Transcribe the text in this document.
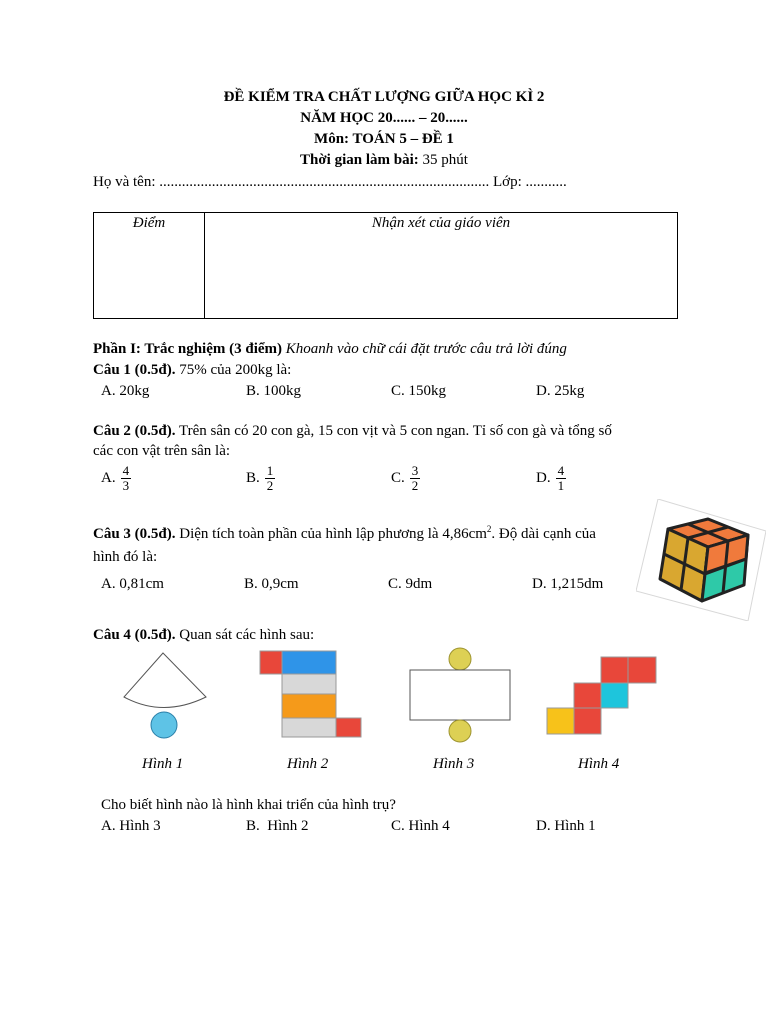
ĐỀ KIỂM TRA CHẤT LƯỢNG GIỮA HỌC KÌ 2
NĂM HỌC 20...... – 20......
Môn: TOÁN 5 – ĐỀ 1
Thời gian làm bài: 35 phút
Họ và tên: ........................................................................................ Lớp: ...........
Điểm	Nhận xét của giáo viên
Phần I: Trắc nghiệm (3 điểm) Khoanh vào chữ cái đặt trước câu trả lời đúng
Câu 1 (0.5đ). 75% của 200kg là:
A. 20kg	B. 100kg	C. 150kg	D. 25kg
Câu 2 (0.5đ). Trên sân có 20 con gà, 15 con vịt và 5 con ngan. Tỉ số con gà và tổng số
các con vật trên sân là:
A. $\frac{4}{3}$	B. $\frac{1}{2}$	C. $\frac{3}{2}$	D. $\frac{4}{1}$
Câu 3 (0.5đ). Diện tích toàn phần của hình lập phương là $4,86cm^2$. Độ dài cạnh của
hình đó là:
A. 0,81cm	B. 0,9cm	C. 9dm	D. 1,215dm
Câu 4 (0.5đ). Quan sát các hình sau:
Hình 1	Hình 2	Hình 3	Hình 4
Cho biết hình nào là hình khai triển của hình trụ?
A. Hình 3	B.  Hình 2	C. Hình 4	D. Hình 1
